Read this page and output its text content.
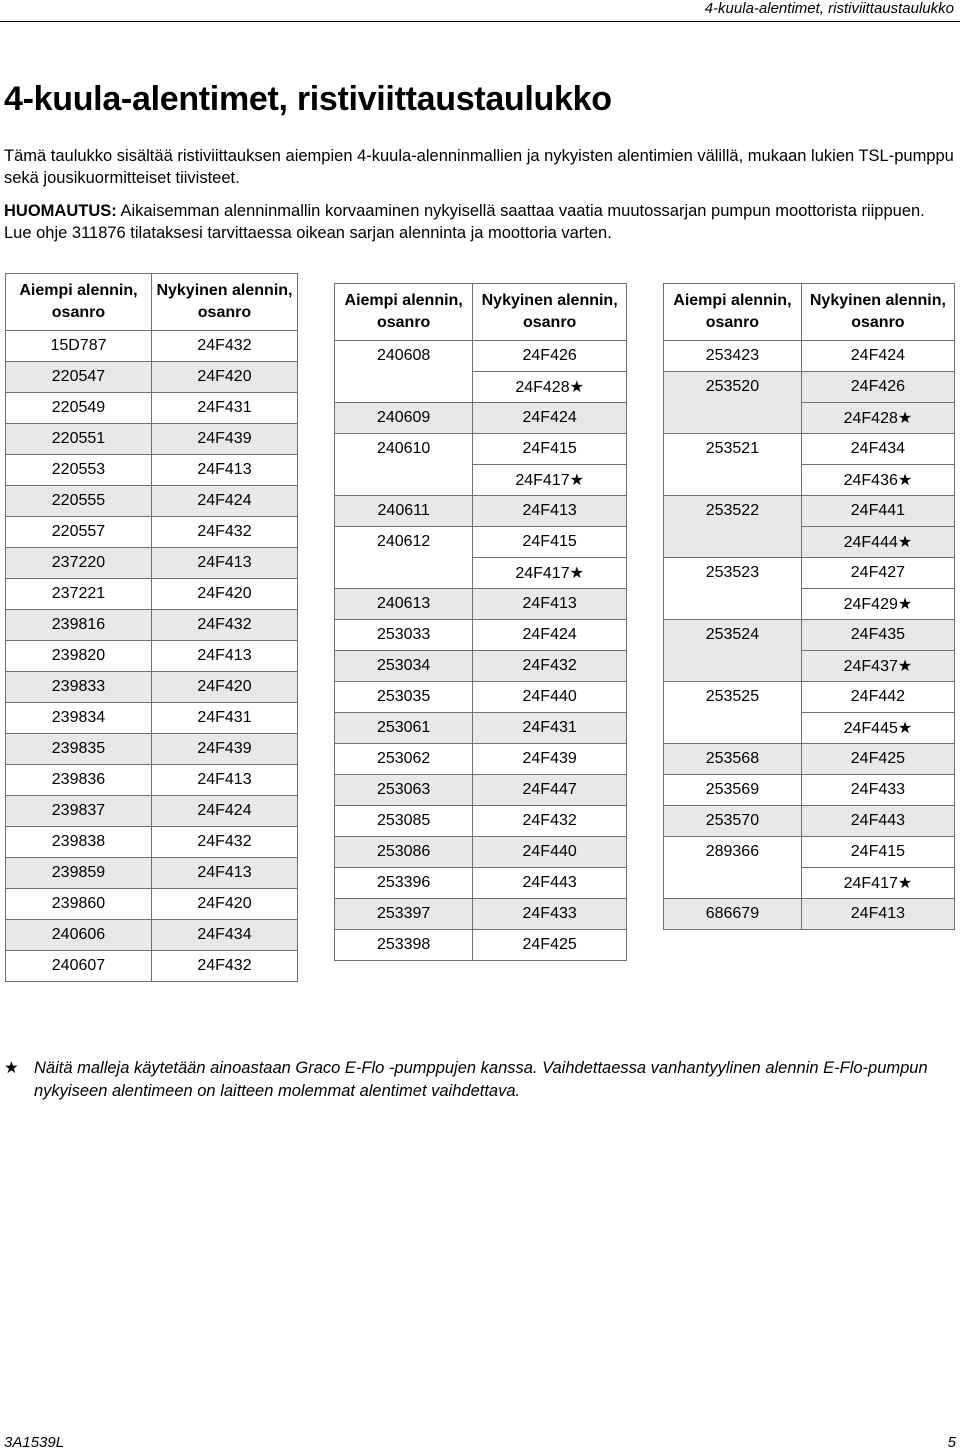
4-kuula-alentimet, ristiviittaustaulukko
4-kuula-alentimet, ristiviittaustaulukko

Tämä taulukko sisältää ristiviittauksen aiempien 4-kuula-alenninmallien ja nykyisten alentimien välillä, mukaan lukien TSL-pumppu sekä jousikuormitteiset tiivisteet.

HUOMAUTUS: Aikaisemman alenninmallin korvaaminen nykyisellä saattaa vaatia muutossarjan pumpun moottorista riippuen. Lue ohje 311876 tilataksesi tarvittaessa oikean sarjan alenninta ja moottoria varten.

Aiempi alennin, osanro	Nykyinen alennin, osanro
15D787	24F432
220547	24F420
220549	24F431
220551	24F439
220553	24F413
220555	24F424
220557	24F432
237220	24F413
237221	24F420
239816	24F432
239820	24F413
239833	24F420
239834	24F431
239835	24F439
239836	24F413
239837	24F424
239838	24F432
239859	24F413
239860	24F420
240606	24F434
240607	24F432
Aiempi alennin, osanro	Nykyinen alennin, osanro
240608	24F426
	24F428★
240609	24F424
240610	24F415
	24F417★
240611	24F413
240612	24F415
	24F417★
240613	24F413
253033	24F424
253034	24F432
253035	24F440
253061	24F431
253062	24F439
253063	24F447
253085	24F432
253086	24F440
253396	24F443
253397	24F433
253398	24F425
Aiempi alennin, osanro	Nykyinen alennin, osanro
253423	24F424
253520	24F426
	24F428★
253521	24F434
	24F436★
253522	24F441
	24F444★
253523	24F427
	24F429★
253524	24F435
	24F437★
253525	24F442
	24F445★
253568	24F425
253569	24F433
253570	24F443
289366	24F415
	24F417★
686679	24F413
★ Näitä malleja käytetään ainoastaan Graco E-Flo -pumppujen kanssa. Vaihdettaessa vanhantyylinen alennin E-Flo-pumpun nykyiseen alentimeen on laitteen molemmat alentimet vaihdettava.
3A1539L	5
